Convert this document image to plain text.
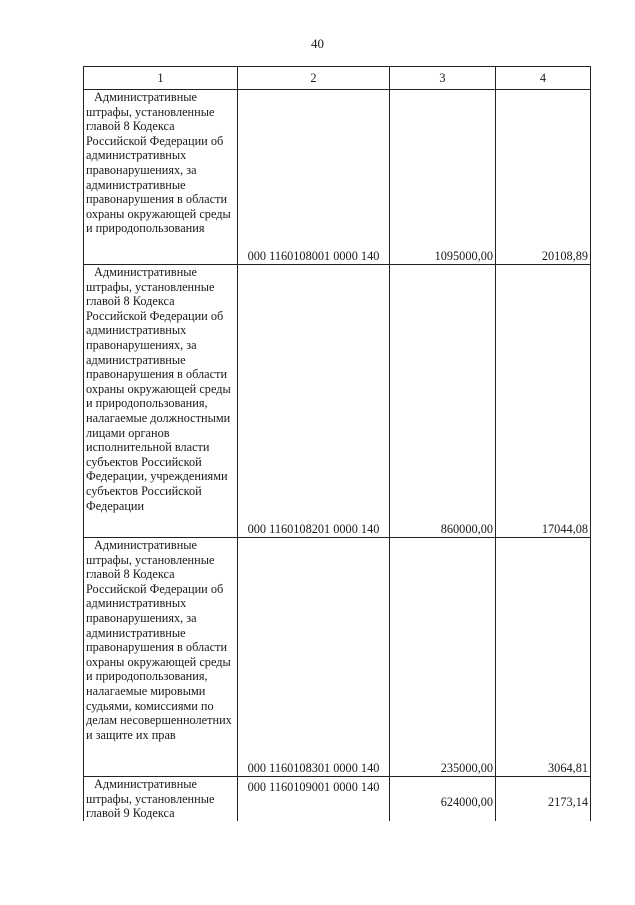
40
1	2	3	4

Административные штрафы, установленные главой 8 Кодекса Российской Федерации об административных правонарушениях, за административные правонарушения в области охраны окружающей среды и природопользования	000 1160108001 0000 140	1095000,00	20108,89

Административные штрафы, установленные главой 8 Кодекса Российской Федерации об административных правонарушениях, за административные правонарушения в области охраны окружающей среды и природопользования, налагаемые должностными лицами органов исполнительной власти субъектов Российской Федерации, учреждениями субъектов Российской Федерации	000 1160108201 0000 140	860000,00	17044,08

Административные штрафы, установленные главой 8 Кодекса Российской Федерации об административных правонарушениях, за административные правонарушения в области охраны окружающей среды и природопользования, налагаемые мировыми судьями, комиссиями по делам несовершеннолетних и защите их прав	000 1160108301 0000 140	235000,00	3064,81

Административные штрафы, установленные главой 9 Кодекса	000 1160109001 0000 140	624000,00	2173,14
